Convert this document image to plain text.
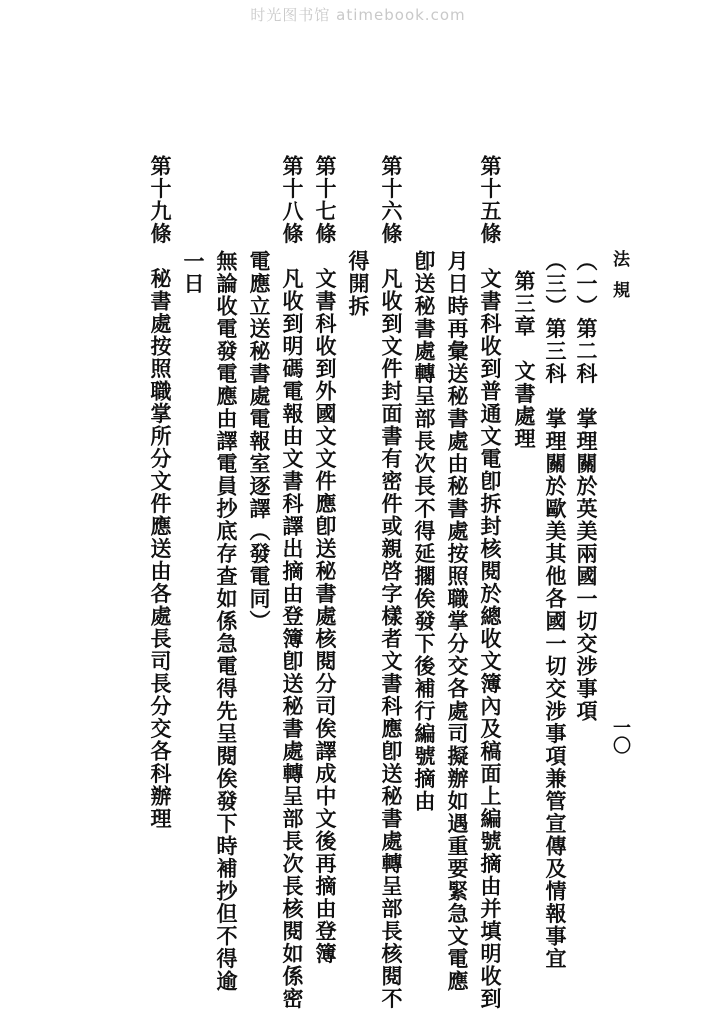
时光图书馆 atimebook.com
法規
一〇
（一）第二科　掌理關於英美兩國一切交涉事項
（三）第三科　掌理關於歐美其他各國一切交涉事項兼管宣傳及情報事宜
第三章　文書處理
第十五條　文書科收到普通文電卽拆封核閱於總收文簿內及稿面上編號摘由并填明收到
月日時再彙送秘書處由秘書處按照職掌分交各處司擬辦如遇重要緊急文電應
卽送秘書處轉呈部長次長不得延擱俟發下後補行編號摘由
第十六條　凡收到文件封面書有密件或親啓字樣者文書科應卽送秘書處轉呈部長核閱不
得開拆
第十七條　文書科收到外國文文件應卽送秘書處核閱分司俟譯成中文後再摘由登簿
第十八條　凡收到明碼電報由文書科譯出摘由登簿卽送秘書處轉呈部長次長核閱如係密
電應立送秘書處電報室逐譯（發電同）
無論收電發電應由譯電員抄底存查如係急電得先呈閱俟發下時補抄但不得逾
一日
第十九條　秘書處按照職掌所分文件應送由各處長司長分交各科辦理
